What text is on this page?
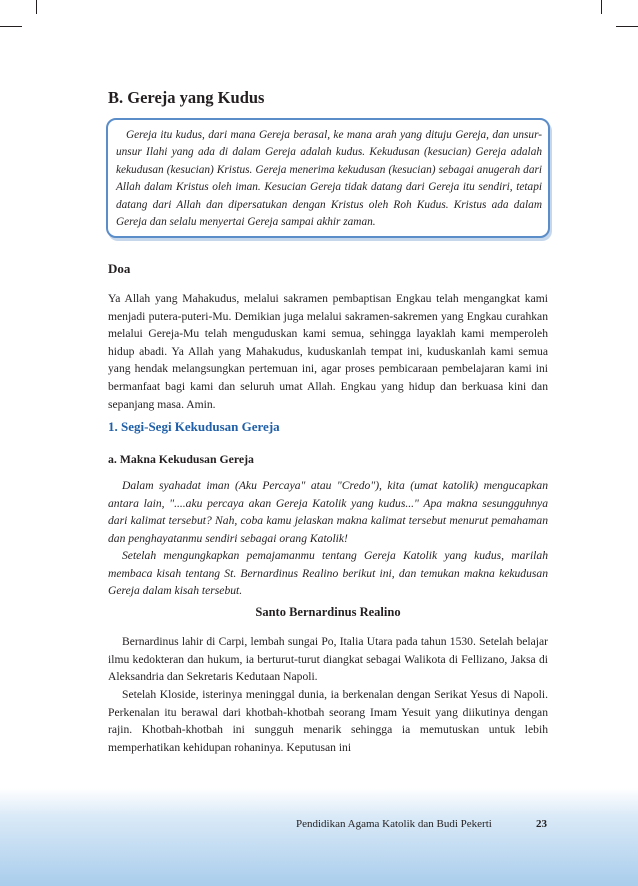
B. Gereja yang Kudus

Gereja itu kudus, dari mana Gereja berasal, ke mana arah yang dituju Gereja, dan unsur-unsur Ilahi yang ada di dalam Gereja adalah kudus. Kekudusan (kesucian) Gereja adalah kekudusan (kesucian) Kristus. Gereja menerima kekudusan (kesucian) sebagai anugerah dari Allah dalam Kristus oleh iman. Kesucian Gereja tidak datang dari Gereja itu sendiri, tetapi datang dari Allah dan dipersatukan dengan Kristus oleh Roh Kudus. Kristus ada dalam Gereja dan selalu menyertai Gereja sampai akhir zaman.

Doa

Ya Allah yang Mahakudus, melalui sakramen pembaptisan Engkau telah mengangkat kami menjadi putera-puteri-Mu. Demikian juga melalui sakramen-sakremen yang Engkau curahkan melalui Gereja-Mu telah menguduskan kami semua, sehingga layaklah kami memperoleh hidup abadi. Ya Allah yang Mahakudus, kuduskanlah tempat ini, kuduskanlah kami semua yang hendak melangsungkan pertemuan ini, agar proses pembicaraan pembelajaran kami ini bermanfaat bagi kami dan seluruh umat Allah. Engkau yang hidup dan berkuasa kini dan sepanjang masa. Amin.

1. Segi-Segi Kekudusan Gereja
a. Makna Kekudusan Gereja

Dalam syahadat iman (Aku Percaya" atau "Credo"), kita (umat katolik) mengucapkan antara lain, "....aku percaya akan Gereja Katolik yang kudus..." Apa makna sesungguhnya dari kalimat tersebut? Nah, coba kamu jelaskan makna kalimat tersebut menurut pemahaman dan penghayatanmu sendiri sebagai orang Katolik!

Setelah mengungkapkan pemajamanmu tentang Gereja Katolik yang kudus, marilah membaca kisah tentang St. Bernardinus Realino berikut ini, dan temukan makna kekudusan Gereja dalam kisah tersebut.

Santo Bernardinus Realino

Bernardinus lahir di Carpi, lembah sungai Po, Italia Utara pada tahun 1530. Setelah belajar ilmu kedokteran dan hukum, ia berturut-turut diangkat sebagai Walikota di Fellizano, Jaksa di Aleksandria dan Sekretaris Kedutaan Napoli.

Setelah Kloside, isterinya meninggal dunia, ia berkenalan dengan Serikat Yesus di Napoli. Perkenalan itu berawal dari khotbah-khotbah seorang Imam Yesuit yang diikutinya dengan rajin. Khotbah-khotbah ini sungguh menarik sehingga ia memutuskan untuk lebih memperhatikan kehidupan rohaninya. Keputusan ini

Pendidikan Agama Katolik dan Budi Pekerti	23
